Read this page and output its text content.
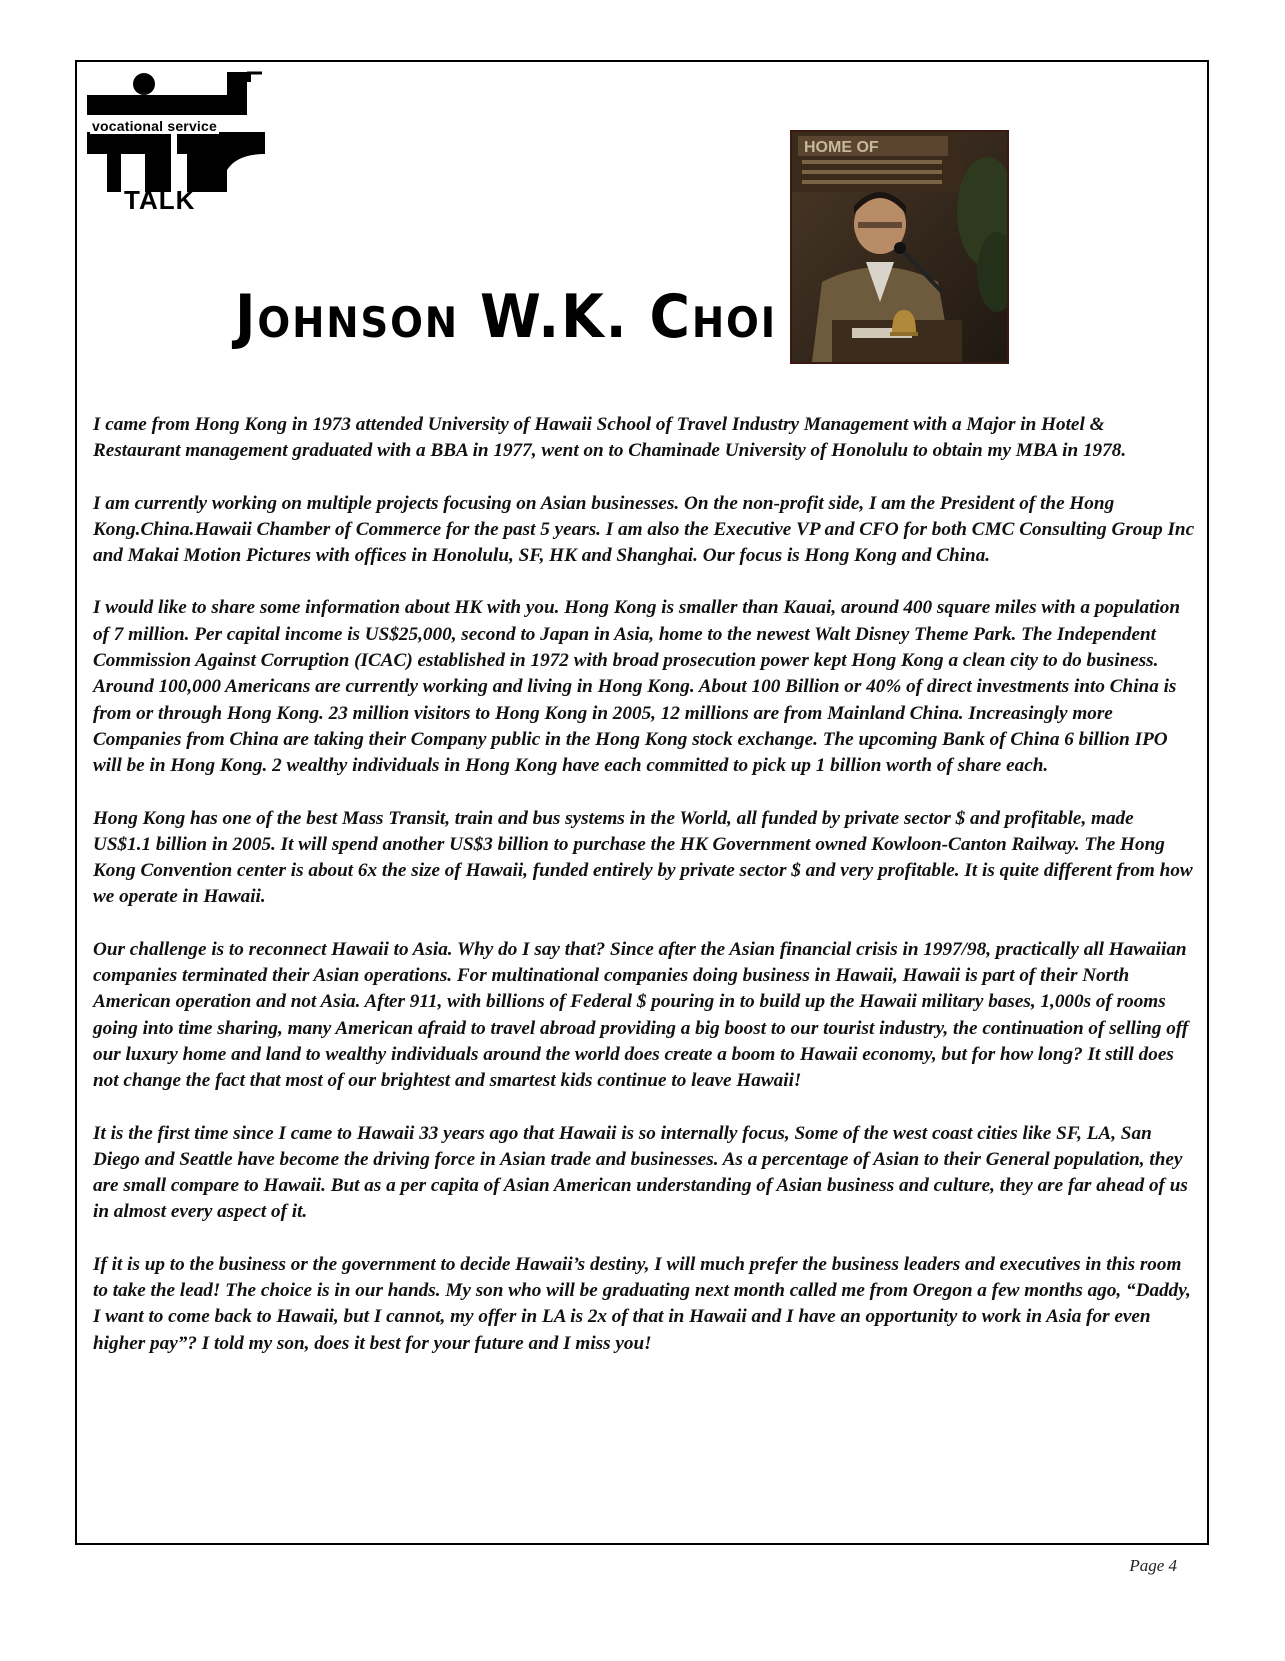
vocational service
TALK
Johnson W.K. Choi
HOME OF

I came from Hong Kong in 1973 attended University of Hawaii School of Travel Industry Management with a Major in Hotel & Restaurant management graduated with a BBA in 1977, went on to Chaminade University of Honolulu to obtain my MBA in 1978.

I am currently working on multiple projects focusing on Asian businesses. On the non-profit side, I am the President of the Hong Kong.China.Hawaii Chamber of Commerce for the past 5 years. I am also the Executive VP and CFO for both CMC Consulting Group Inc and Makai Motion Pictures with offices in Honolulu, SF, HK and Shanghai. Our focus is Hong Kong and China.

I would like to share some information about HK with you. Hong Kong is smaller than Kauai, around 400 square miles with a population of 7 million. Per capital income is US$25,000, second to Japan in Asia, home to the newest Walt Disney Theme Park. The Independent Commission Against Corruption (ICAC) established in 1972 with broad prosecution power kept Hong Kong a clean city to do business. Around 100,000 Americans are currently working and living in Hong Kong. About 100 Billion or 40% of direct investments into China is from or through Hong Kong. 23 million visitors to Hong Kong in 2005, 12 millions are from Mainland China. Increasingly more Companies from China are taking their Company public in the Hong Kong stock exchange. The upcoming Bank of China 6 billion IPO will be in Hong Kong. 2 wealthy individuals in Hong Kong have each committed to pick up 1 billion worth of share each.

Hong Kong has one of the best Mass Transit, train and bus systems in the World, all funded by private sector $ and profitable, made US$1.1 billion in 2005. It will spend another US$3 billion to purchase the HK Government owned Kowloon-Canton Railway. The Hong Kong Convention center is about 6x the size of Hawaii, funded entirely by private sector $ and very profitable. It is quite different from how we operate in Hawaii.

Our challenge is to reconnect Hawaii to Asia. Why do I say that? Since after the Asian financial crisis in 1997/98, practically all Hawaiian companies terminated their Asian operations. For multinational companies doing business in Hawaii, Hawaii is part of their North American operation and not Asia. After 911, with billions of Federal $ pouring in to build up the Hawaii military bases, 1,000s of rooms going into time sharing, many American afraid to travel abroad providing a big boost to our tourist industry, the continuation of selling off our luxury home and land to wealthy individuals around the world does create a boom to Hawaii economy, but for how long? It still does not change the fact that most of our brightest and smartest kids continue to leave Hawaii!

It is the first time since I came to Hawaii 33 years ago that Hawaii is so internally focus, Some of the west coast cities like SF, LA, San Diego and Seattle have become the driving force in Asian trade and businesses. As a percentage of Asian to their General population, they are small compare to Hawaii. But as a per capita of Asian American understanding of Asian business and culture, they are far ahead of us in almost every aspect of it.

If it is up to the business or the government to decide Hawaii’s destiny, I will much prefer the business leaders and executives in this room to take the lead! The choice is in our hands. My son who will be graduating next month called me from Oregon a few months ago, “Daddy, I want to come back to Hawaii, but I cannot, my offer in LA is 2x of that in Hawaii and I have an opportunity to work in Asia for even higher pay”? I told my son, does it best for your future and I miss you!

Page 4
